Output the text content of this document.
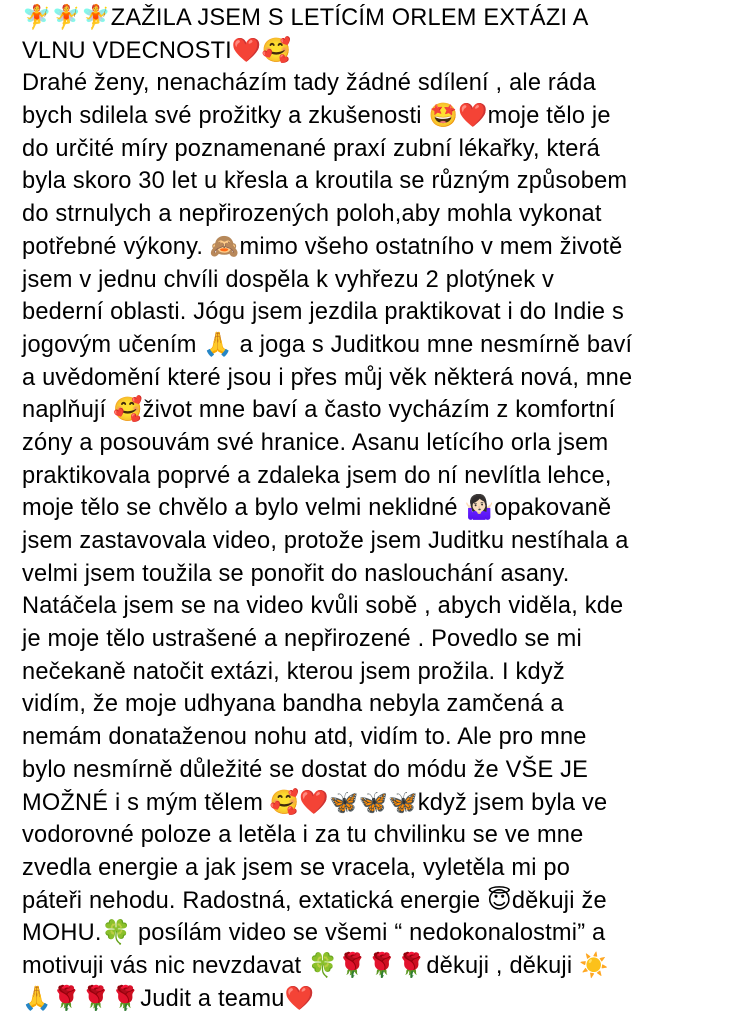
🧚🧚🧚ZAŽILA JSEM S LETÍCÍM ORLEM EXTÁZI A
VLNU VDECNOSTI❤️🥰
Drahé ženy, nenacházím tady žádné sdílení , ale ráda
bych sdilela své prožitky a zkušenosti 🤩❤️moje tělo je
do určité míry poznamenané praxí zubní lékařky, která
byla skoro 30 let u křesla a kroutila se různým způsobem
do strnulych a nepřirozených poloh,aby mohla vykonat
potřebné výkony. 🙈mimo všeho ostatního v mem životě
jsem v jednu chvíli dospěla k vyhřezu 2 plotýnek v
bederní oblasti. Jógu jsem jezdila praktikovat i do Indie s
jogovým učením 🙏 a joga s Juditkou mne nesmírně baví
a uvědomění které jsou i přes můj věk některá nová, mne
naplňují 🥰život mne baví a často vycházím z komfortní
zóny a posouvám své hranice. Asanu letícího orla jsem
praktikovala poprvé a zdaleka jsem do ní nevlítla lehce,
moje tělo se chvělo a bylo velmi neklidné 🤷🏻‍♀️opakovaně
jsem zastavovala video, protože jsem Juditku nestíhala a
velmi jsem toužila se ponořit do naslouchání asany.
Natáčela jsem se na video kvůli sobě , abych viděla, kde
je moje tělo ustrašené a nepřirozené . Povedlo se mi
nečekaně natočit extázi, kterou jsem prožila. I když
vidím, že moje udhyana bandha nebyla zamčená a
nemám donataženou nohu atd, vidím to. Ale pro mne
bylo nesmírně důležité se dostat do módu že VŠE JE
MOŽNÉ i s mým tělem 🥰❤️🦋🦋🦋když jsem byla ve
vodorovné poloze a letěla i za tu chvilinku se ve mne
zvedla energie a jak jsem se vracela, vyletěla mi po
páteři nehodu. Radostná, extatická energie 😇děkuji že
MOHU.🍀 posílám video se všemi “ nedokonalostmi” a
motivuji vás nic nevzdavat 🍀🌹🌹🌹děkuji , děkuji ☀️
🙏🌹🌹🌹Judit a teamu❤️
